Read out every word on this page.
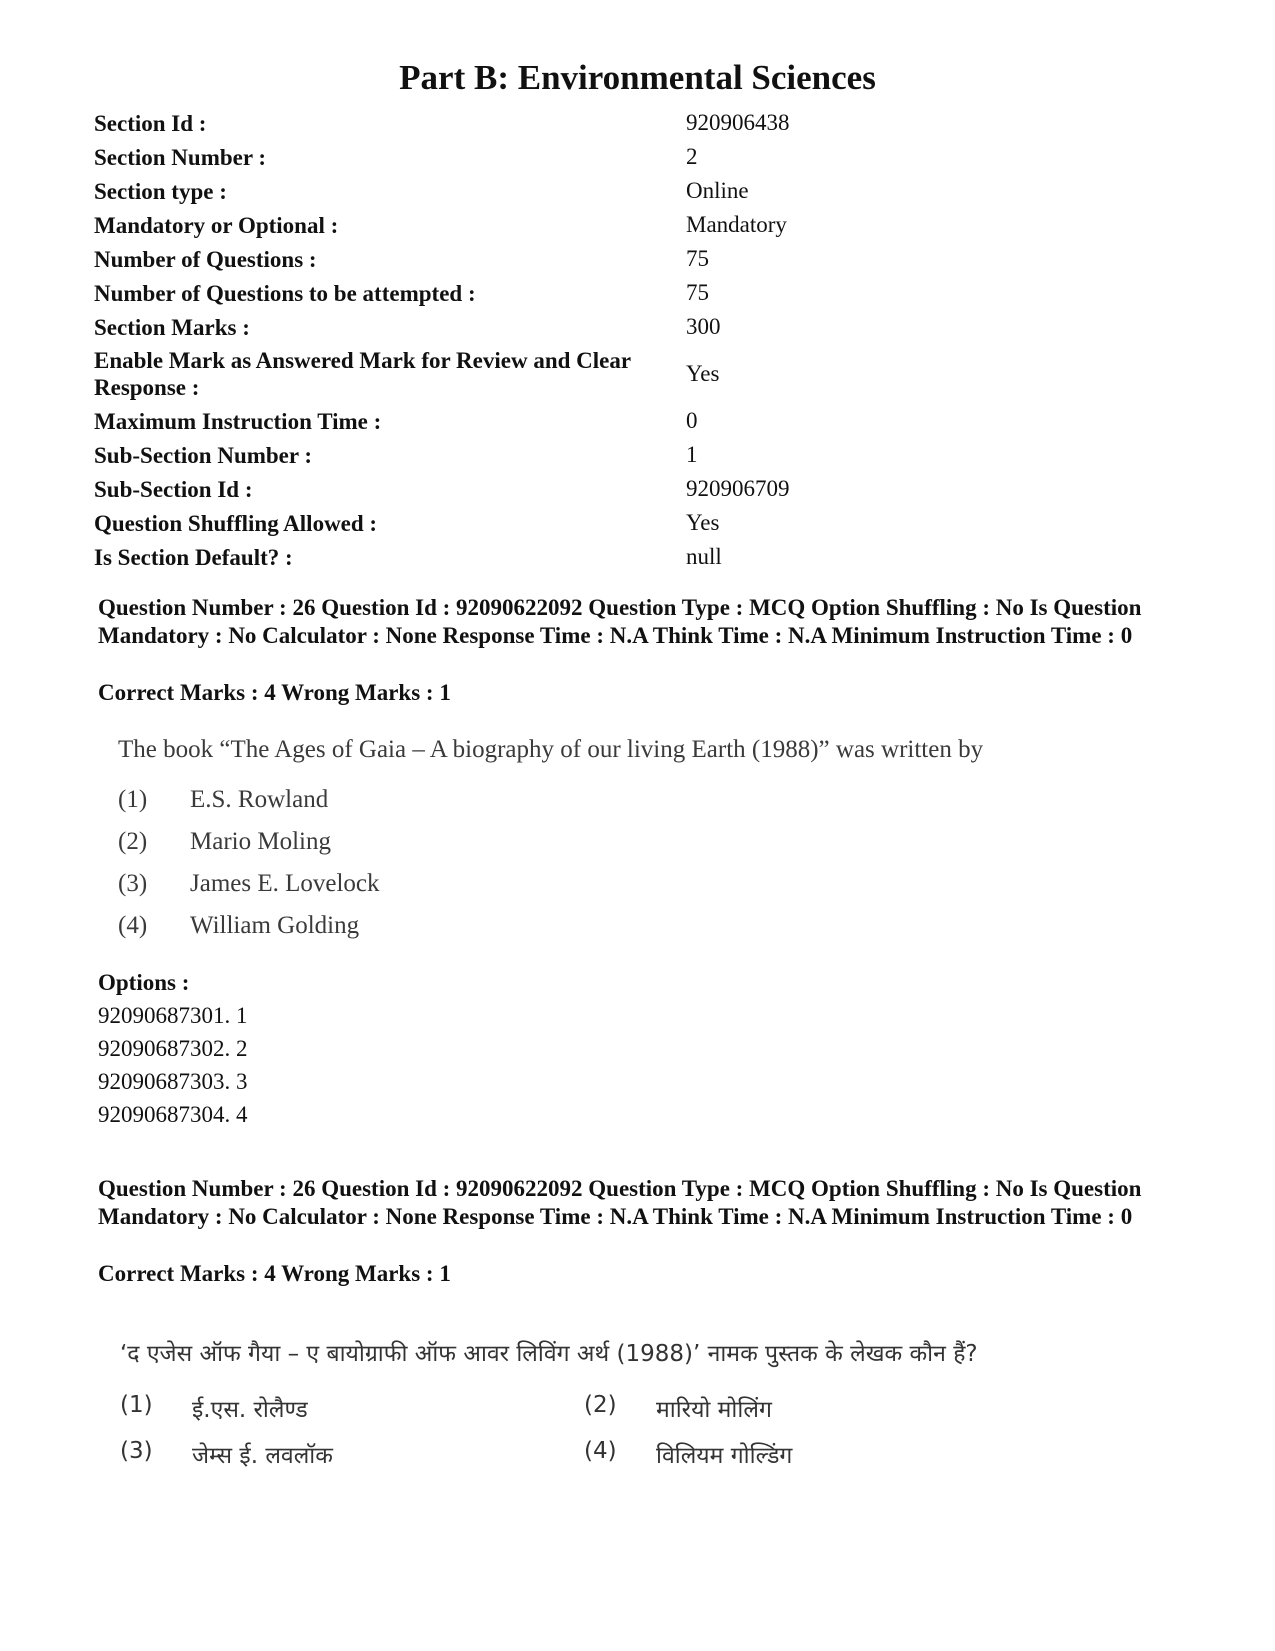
Part B: Environmental Sciences
Section Id :	920906438
Section Number :	2
Section type :	Online
Mandatory or Optional :	Mandatory
Number of Questions :	75
Number of Questions to be attempted :	75
Section Marks :	300
Enable Mark as Answered Mark for Review and Clear Response :	Yes
Maximum Instruction Time :	0
Sub-Section Number :	1
Sub-Section Id :	920906709
Question Shuffling Allowed :	Yes
Is Section Default? :	null
Question Number : 26 Question Id : 92090622092 Question Type : MCQ Option Shuffling : No Is Question Mandatory : No Calculator : None Response Time : N.A Think Time : N.A Minimum Instruction Time : 0
Correct Marks : 4 Wrong Marks : 1
The book “The Ages of Gaia – A biography of our living Earth (1988)” was written by
(1) E.S. Rowland
(2) Mario Moling
(3) James E. Lovelock
(4) William Golding
Options :
92090687301. 1
92090687302. 2
92090687303. 3
92090687304. 4
Question Number : 26 Question Id : 92090622092 Question Type : MCQ Option Shuffling : No Is Question Mandatory : No Calculator : None Response Time : N.A Think Time : N.A Minimum Instruction Time : 0
Correct Marks : 4 Wrong Marks : 1
‘द एजेस ऑफ गैया – ए बायोग्राफी ऑफ आवर लिविंग अर्थ (1988)’ नामक पुस्तक के लेखक कौन हैं?
(1) ई.एस. रोलैण्ड	(2) मारियो मोलिंग
(3) जेम्स ई. लवलॉक	(4) विलियम गोल्डिंग
